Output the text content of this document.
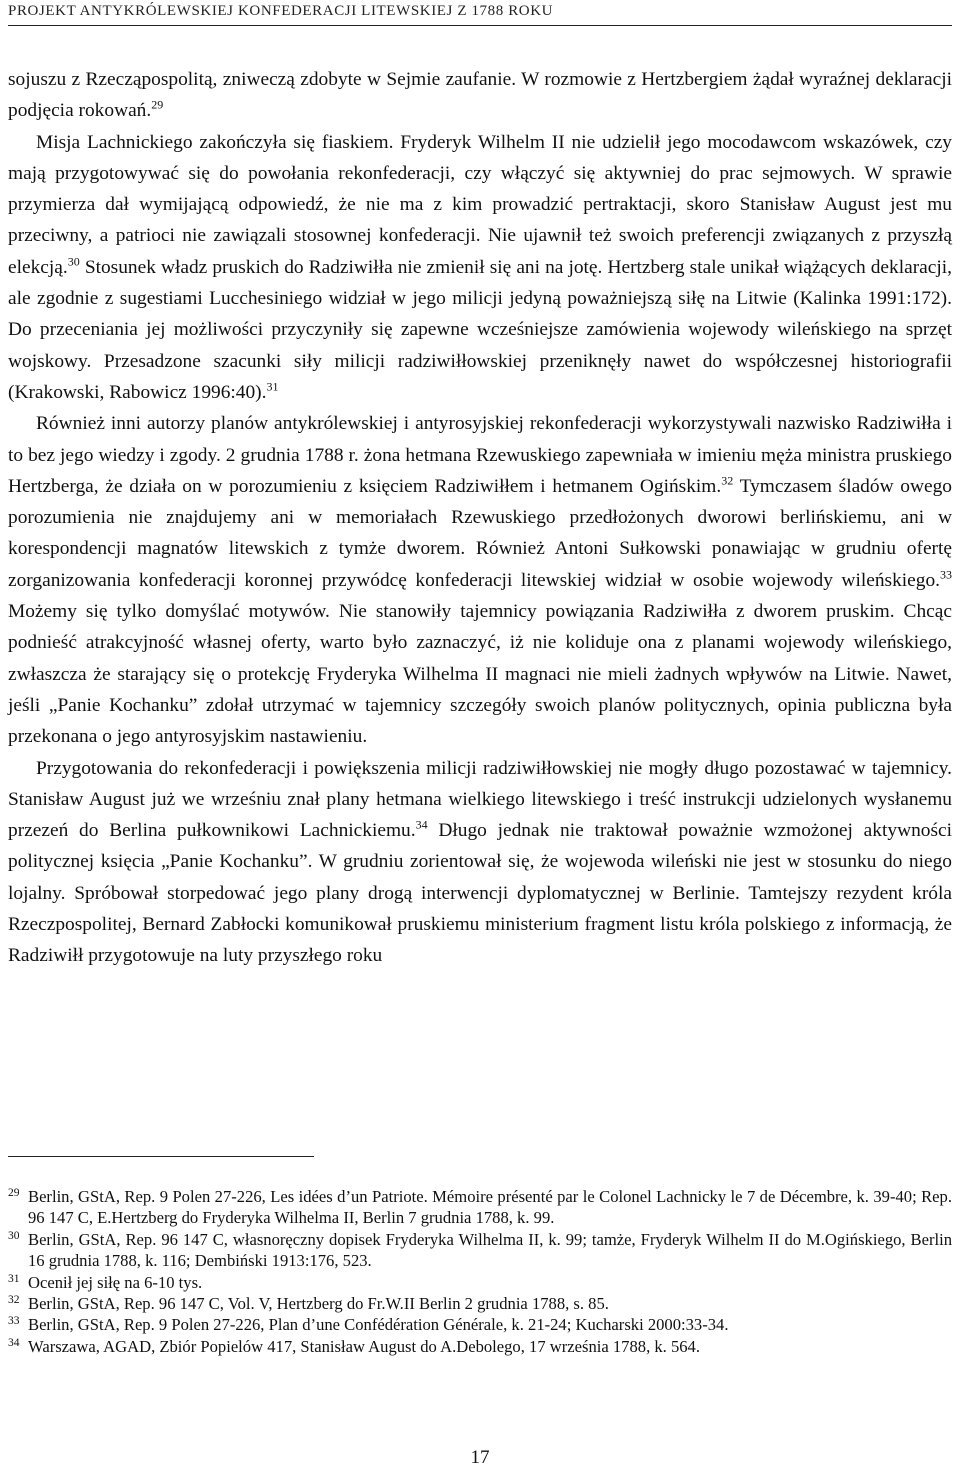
PROJEKT ANTYKRÓLEWSKIEJ KONFEDERACJI LITEWSKIEJ Z 1788 ROKU

sojuszu z Rzecząpospolitą, zniweczą zdobyte w Sejmie zaufanie. W rozmowie z Hertzbergiem żądał wyraźnej deklaracji podjęcia rokowań.$^{29}$

Misja Lachnickiego zakończyła się fiaskiem. Fryderyk Wilhelm II nie udzielił jego mocodawcom wskazówek, czy mają przygotowywać się do powołania rekonfederacji, czy włączyć się aktywniej do prac sejmowych. W sprawie przymierza dał wymijającą odpowiedź, że nie ma z kim prowadzić pertraktacji, skoro Stanisław August jest mu przeciwny, a patrioci nie zawiązali stosownej konfederacji. Nie ujawnił też swoich preferencji związanych z przyszłą elekcją.$^{30}$ Stosunek władz pruskich do Radziwiłła nie zmienił się ani na jotę. Hertzberg stale unikał wiążących deklaracji, ale zgodnie z sugestiami Lucchesiniego widział w jego milicji jedyną poważniejszą siłę na Litwie (Kalinka 1991:172). Do przeceniania jej możliwości przyczyniły się zapewne wcześniejsze zamówienia wojewody wileńskiego na sprzęt wojskowy. Przesadzone szacunki siły milicji radziwiłłowskiej przeniknęły nawet do współczesnej historiografii (Krakowski, Rabowicz 1996:40).$^{31}$

Również inni autorzy planów antykrólewskiej i antyrosyjskiej rekonfederacji wykorzystywali nazwisko Radziwiłła i to bez jego wiedzy i zgody. 2 grudnia 1788 r. żona hetmana Rzewuskiego zapewniała w imieniu męża ministra pruskiego Hertzberga, że działa on w porozumieniu z księciem Radziwiłłem i hetmanem Ogińskim.$^{32}$ Tymczasem śladów owego porozumienia nie znajdujemy ani w memoriałach Rzewuskiego przedłożonych dworowi berlińskiemu, ani w korespondencji magnatów litewskich z tymże dworem. Również Antoni Sułkowski ponawiając w grudniu ofertę zorganizowania konfederacji koronnej przywódcę konfederacji litewskiej widział w osobie wojewody wileńskiego.$^{33}$ Możemy się tylko domyślać motywów. Nie stanowiły tajemnicy powiązania Radziwiłła z dworem pruskim. Chcąc podnieść atrakcyjność własnej oferty, warto było zaznaczyć, iż nie koliduje ona z planami wojewody wileńskiego, zwłaszcza że starający się o protekcję Fryderyka Wilhelma II magnaci nie mieli żadnych wpływów na Litwie. Nawet, jeśli „Panie Kochanku” zdołał utrzymać w tajemnicy szczegóły swoich planów politycznych, opinia publiczna była przekonana o jego antyrosyjskim nastawieniu.

Przygotowania do rekonfederacji i powiększenia milicji radziwiłłowskiej nie mogły długo pozostawać w tajemnicy. Stanisław August już we wrześniu znał plany hetmana wielkiego litewskiego i treść instrukcji udzielonych wysłanemu przezeń do Berlina pułkownikowi Lachnickiemu.$^{34}$ Długo jednak nie traktował poważnie wzmożonej aktywności politycznej księcia „Panie Kochanku”. W grudniu zorientował się, że wojewoda wileński nie jest w stosunku do niego lojalny. Spróbował storpedować jego plany drogą interwencji dyplomatycznej w Berlinie. Tamtejszy rezydent króla Rzeczpospolitej, Bernard Zabłocki komunikował pruskiemu ministerium fragment listu króla polskiego z informacją, że Radziwiłł przygotowuje na luty przyszłego roku

29 Berlin, GStA, Rep. 9 Polen 27-226, Les idées d’un Patriote. Mémoire présenté par le Colonel Lachnicky le 7 de Décembre, k. 39-40; Rep. 96 147 C, E.Hertzberg do Fryderyka Wilhelma II, Berlin 7 grudnia 1788, k. 99.

30 Berlin, GStA, Rep. 96 147 C, własnoręczny dopisek Fryderyka Wilhelma II, k. 99; tamże, Fryderyk Wilhelm II do M.Ogińskiego, Berlin 16 grudnia 1788, k. 116; Dembiński 1913:176, 523.

31 Ocenił jej siłę na 6-10 tys.

32 Berlin, GStA, Rep. 96 147 C, Vol. V, Hertzberg do Fr.W.II Berlin 2 grudnia 1788, s. 85.

33 Berlin, GStA, Rep. 9 Polen 27-226, Plan d’une Confédération Générale, k. 21-24; Kucharski 2000:33-34.

34 Warszawa, AGAD, Zbiór Popielów 417, Stanisław August do A.Debolego, 17 września 1788, k. 564.

17
